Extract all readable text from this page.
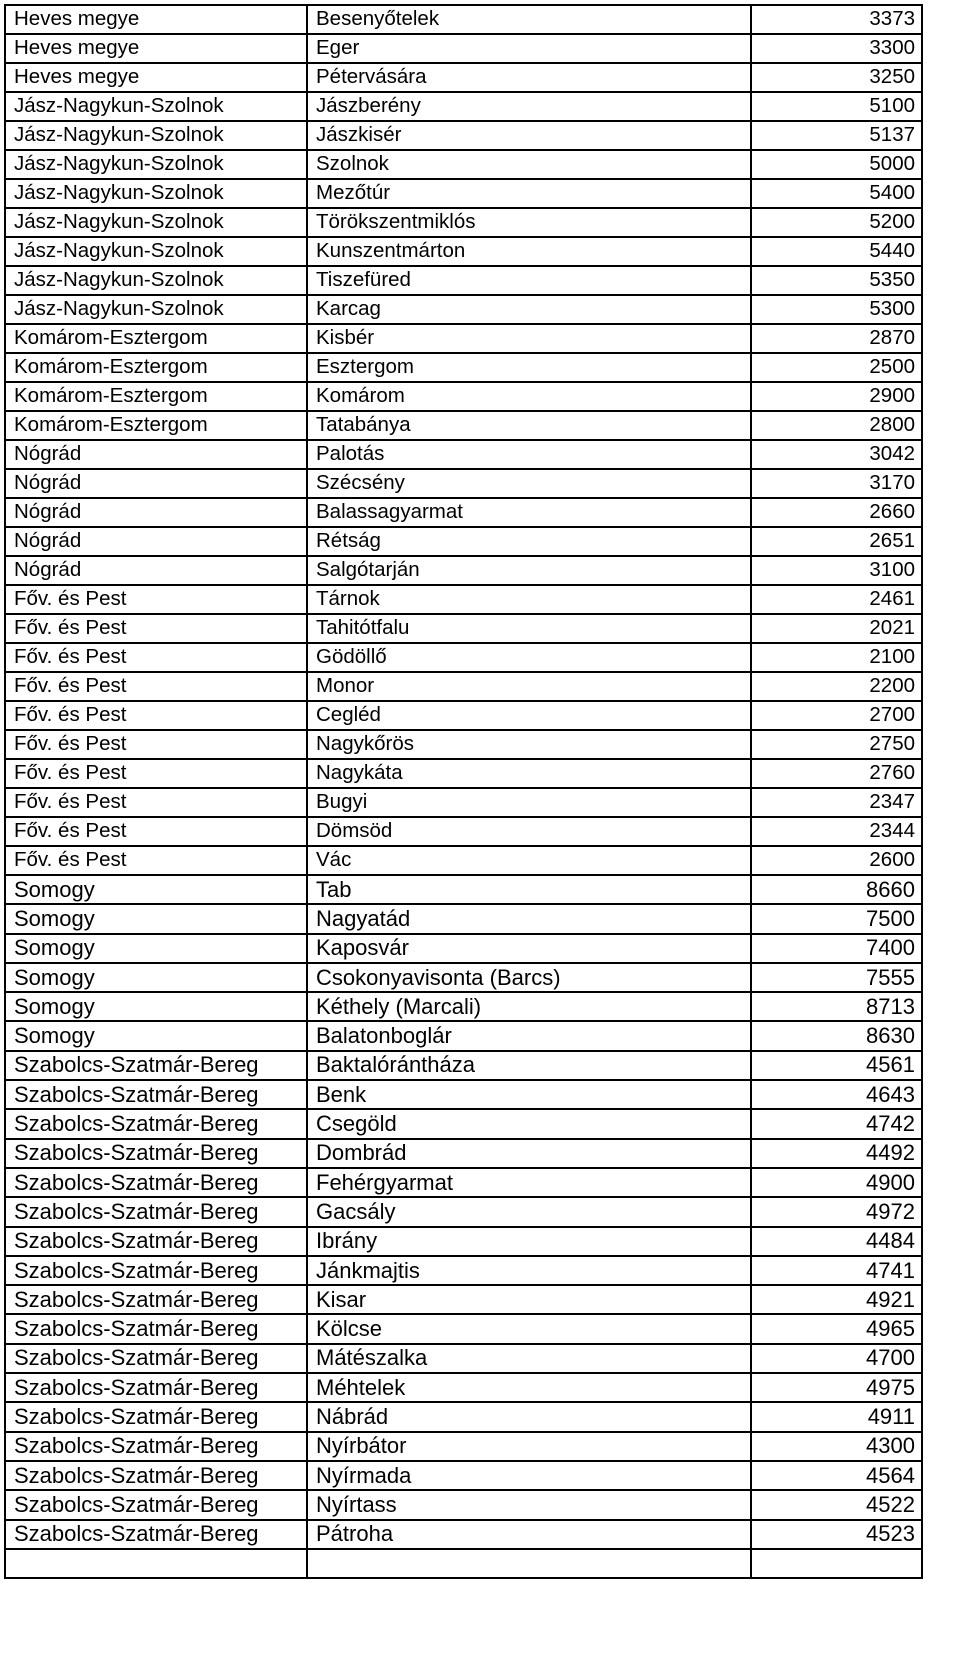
Heves megye	Besenyőtelek	3373
Heves megye	Eger	3300
Heves megye	Pétervására	3250
Jász-Nagykun-Szolnok	Jászberény	5100
Jász-Nagykun-Szolnok	Jászkisér	5137
Jász-Nagykun-Szolnok	Szolnok	5000
Jász-Nagykun-Szolnok	Mezőtúr	5400
Jász-Nagykun-Szolnok	Törökszentmiklós	5200
Jász-Nagykun-Szolnok	Kunszentmárton	5440
Jász-Nagykun-Szolnok	Tiszefüred	5350
Jász-Nagykun-Szolnok	Karcag	5300
Komárom-Esztergom	Kisbér	2870
Komárom-Esztergom	Esztergom	2500
Komárom-Esztergom	Komárom	2900
Komárom-Esztergom	Tatabánya	2800
Nógrád	Palotás	3042
Nógrád	Szécsény	3170
Nógrád	Balassagyarmat	2660
Nógrád	Rétság	2651
Nógrád	Salgótarján	3100
Főv. és Pest	Tárnok	2461
Főv. és Pest	Tahitótfalu	2021
Főv. és Pest	Gödöllő	2100
Főv. és Pest	Monor	2200
Főv. és Pest	Cegléd	2700
Főv. és Pest	Nagykőrös	2750
Főv. és Pest	Nagykáta	2760
Főv. és Pest	Bugyi	2347
Főv. és Pest	Dömsöd	2344
Főv. és Pest	Vác	2600
Somogy	Tab	8660
Somogy	Nagyatád	7500
Somogy	Kaposvár	7400
Somogy	Csokonyavisonta (Barcs)	7555
Somogy	Kéthely (Marcali)	8713
Somogy	Balatonboglár	8630
Szabolcs-Szatmár-Bereg	Baktalórántháza	4561
Szabolcs-Szatmár-Bereg	Benk	4643
Szabolcs-Szatmár-Bereg	Csegöld	4742
Szabolcs-Szatmár-Bereg	Dombrád	4492
Szabolcs-Szatmár-Bereg	Fehérgyarmat	4900
Szabolcs-Szatmár-Bereg	Gacsály	4972
Szabolcs-Szatmár-Bereg	Ibrány	4484
Szabolcs-Szatmár-Bereg	Jánkmajtis	4741
Szabolcs-Szatmár-Bereg	Kisar	4921
Szabolcs-Szatmár-Bereg	Kölcse	4965
Szabolcs-Szatmár-Bereg	Mátészalka	4700
Szabolcs-Szatmár-Bereg	Méhtelek	4975
Szabolcs-Szatmár-Bereg	Nábrád	4911
Szabolcs-Szatmár-Bereg	Nyírbátor	4300
Szabolcs-Szatmár-Bereg	Nyírmada	4564
Szabolcs-Szatmár-Bereg	Nyírtass	4522
Szabolcs-Szatmár-Bereg	Pátroha	4523
